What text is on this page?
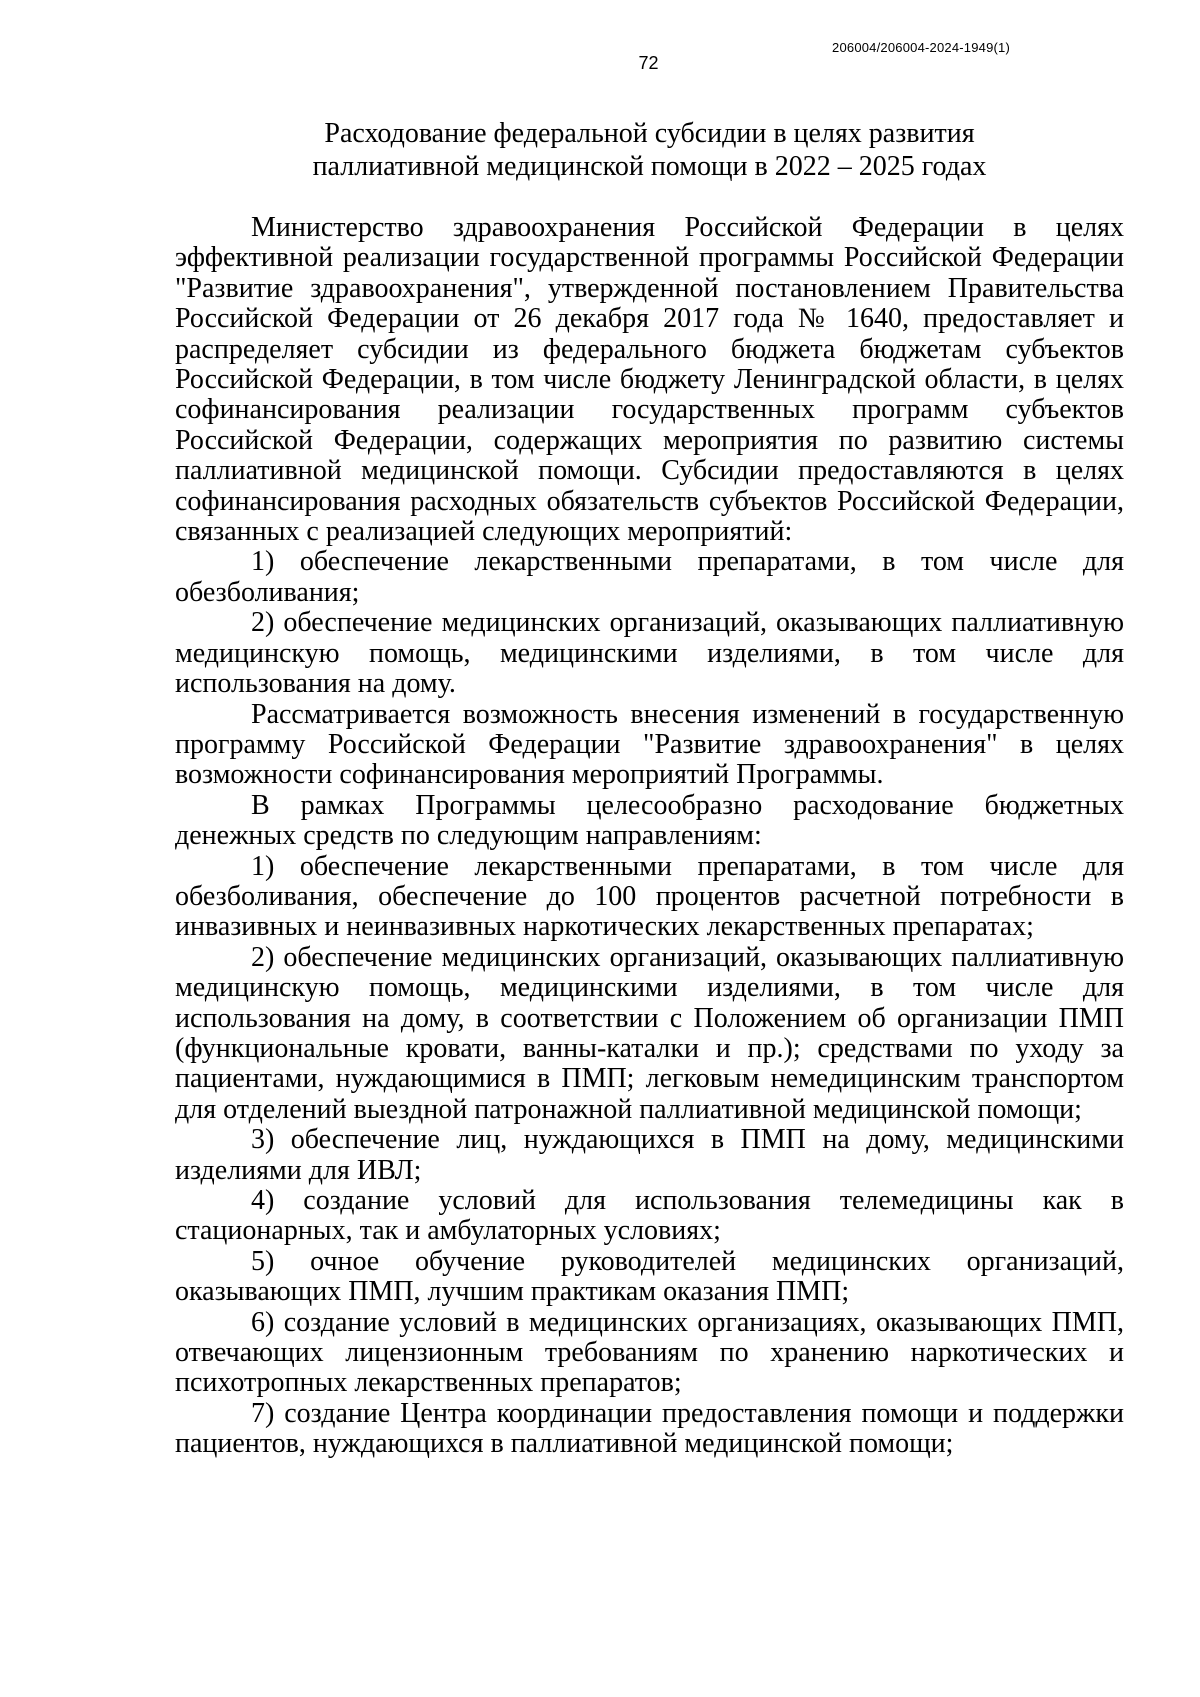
206004/206004-2024-1949(1)
72
Расходование федеральной субсидии в целях развития
паллиативной медицинской помощи в 2022 – 2025 годах

Министерство здравоохранения Российской Федерации в целях эффективной реализации государственной программы Российской Федерации "Развитие здравоохранения", утвержденной постановлением Правительства Российской Федерации от 26 декабря 2017 года № 1640, предоставляет и распределяет субсидии из федерального бюджета бюджетам субъектов Российской Федерации, в том числе бюджету Ленинградской области, в целях софинансирования реализации государственных программ субъектов Российской Федерации, содержащих мероприятия по развитию системы паллиативной медицинской помощи. Субсидии предоставляются в целях софинансирования расходных обязательств субъектов Российской Федерации, связанных с реализацией следующих мероприятий:

1) обеспечение лекарственными препаратами, в том числе для обезболивания;

2) обеспечение медицинских организаций, оказывающих паллиативную медицинскую помощь, медицинскими изделиями, в том числе для использования на дому.

Рассматривается возможность внесения изменений в государственную программу Российской Федерации "Развитие здравоохранения" в целях возможности софинансирования мероприятий Программы.

В рамках Программы целесообразно расходование бюджетных денежных средств по следующим направлениям:

1) обеспечение лекарственными препаратами, в том числе для обезболивания, обеспечение до 100 процентов расчетной потребности в инвазивных и неинвазивных наркотических лекарственных препаратах;

2) обеспечение медицинских организаций, оказывающих паллиативную медицинскую помощь, медицинскими изделиями, в том числе для использования на дому, в соответствии с Положением об организации ПМП (функциональные кровати, ванны-каталки и пр.); средствами по уходу за пациентами, нуждающимися в ПМП; легковым немедицинским транспортом для отделений выездной патронажной паллиативной медицинской помощи;

3) обеспечение лиц, нуждающихся в ПМП на дому, медицинскими изделиями для ИВЛ;

4) создание условий для использования телемедицины как в стационарных, так и амбулаторных условиях;

5) очное обучение руководителей медицинских организаций, оказывающих ПМП, лучшим практикам оказания ПМП;

6) создание условий в медицинских организациях, оказывающих ПМП, отвечающих лицензионным требованиям по хранению наркотических и психотропных лекарственных препаратов;

7) создание Центра координации предоставления помощи и поддержки пациентов, нуждающихся в паллиативной медицинской помощи;
